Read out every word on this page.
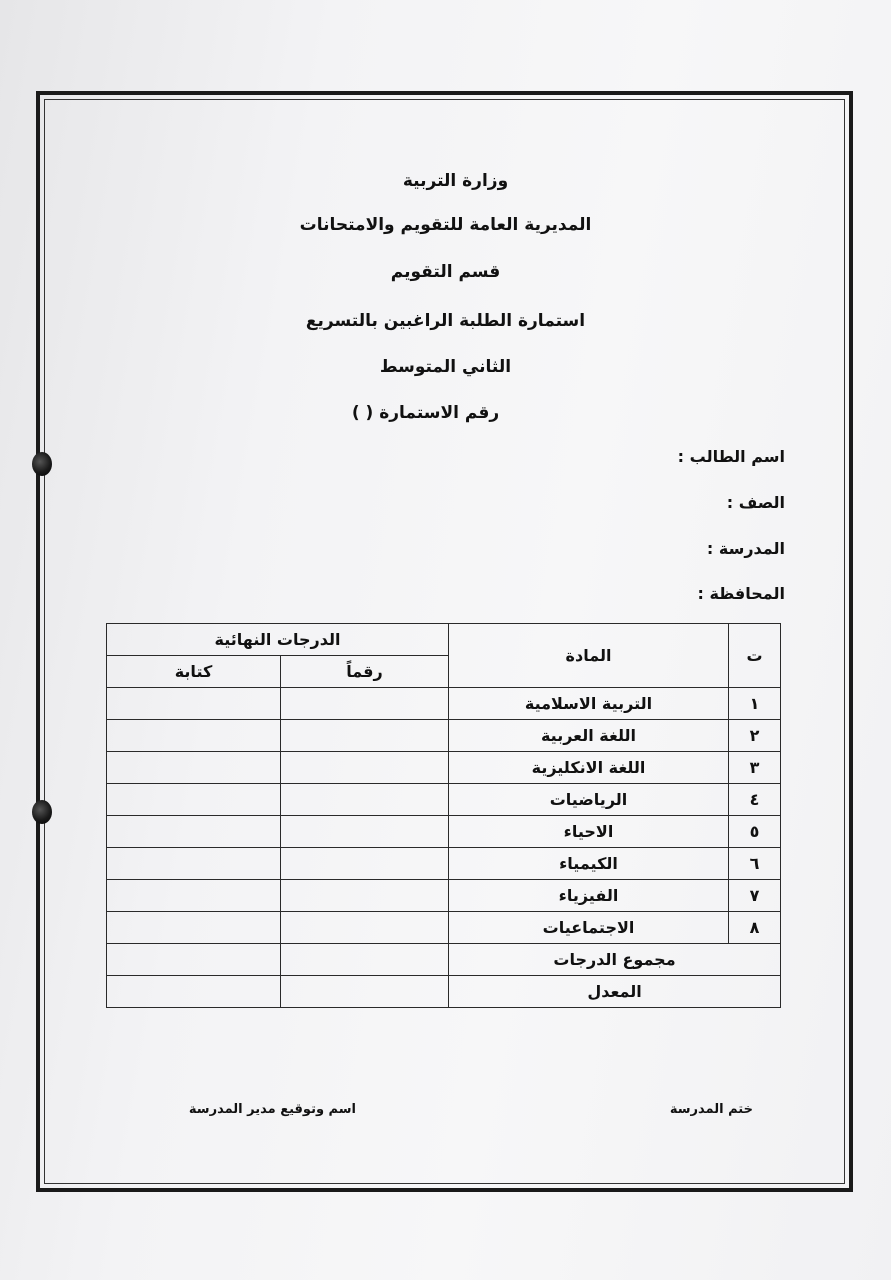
وزارة التربية
المديرية العامة للتقويم والامتحانات
قسم التقويم
استمارة الطلبة الراغبين بالتسريع
الثاني المتوسط
رقم الاستمارة ( )
اسم الطالب :
الصف :
المدرسة :
المحافظة :
ت	المادة	الدرجات النهائية	
		رقماً	كتابة
١	التربية الاسلامية		
٢	اللغة العربية		
٣	اللغة الانكليزية		
٤	الرياضيات		
٥	الاحياء		
٦	الكيمياء		
٧	الفيزياء		
٨	الاجتماعيات		
مجموع الدرجات			
المعدل			
ختم المدرسة
اسم وتوقيع مدير المدرسة
